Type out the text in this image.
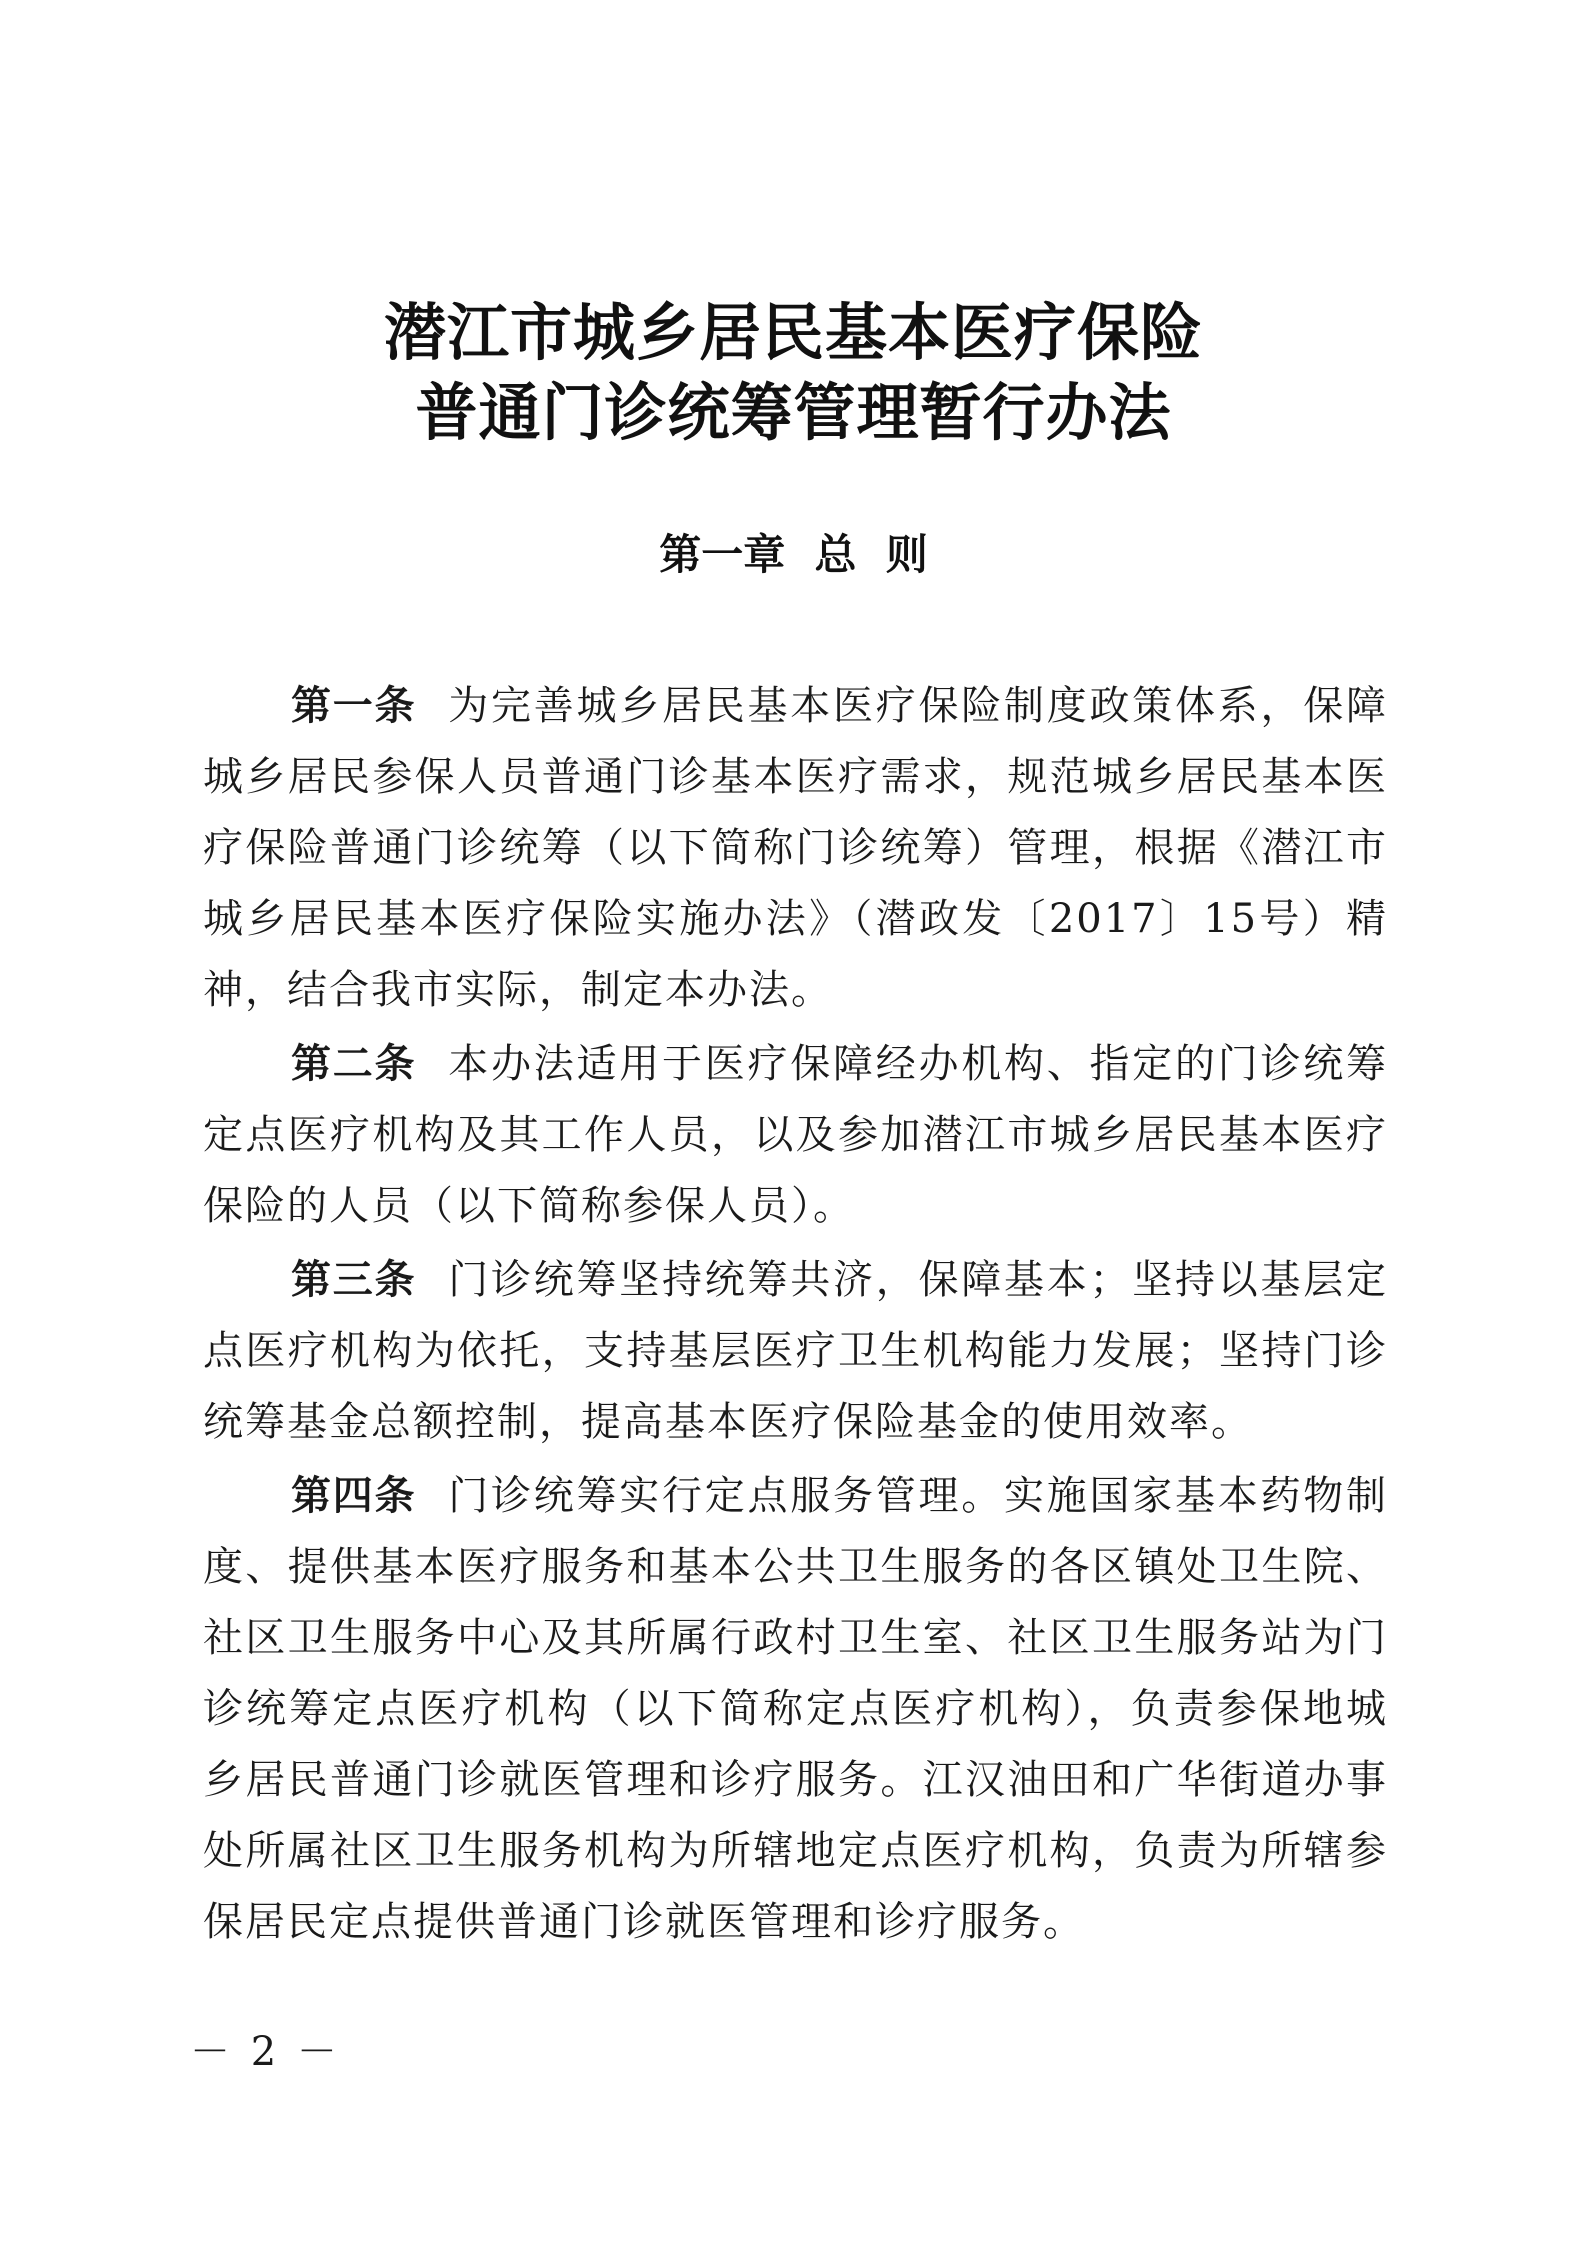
潜江市城乡居民基本医疗保险
普通门诊统筹管理暂行办法
第一章  总  则

第一条 为完善城乡居民基本医疗保险制度政策体系，保障城乡居民参保人员普通门诊基本医疗需求，规范城乡居民基本医疗保险普通门诊统筹（以下简称门诊统筹）管理，根据《潜江市城乡居民基本医疗保险实施办法》（潜政发〔2017〕15号）精神，结合我市实际，制定本办法。

第二条 本办法适用于医疗保障经办机构、指定的门诊统筹定点医疗机构及其工作人员，以及参加潜江市城乡居民基本医疗保险的人员（以下简称参保人员）。

第三条 门诊统筹坚持统筹共济，保障基本；坚持以基层定点医疗机构为依托，支持基层医疗卫生机构能力发展；坚持门诊统筹基金总额控制，提高基本医疗保险基金的使用效率。

第四条 门诊统筹实行定点服务管理。实施国家基本药物制度、提供基本医疗服务和基本公共卫生服务的各区镇处卫生院、社区卫生服务中心及其所属行政村卫生室、社区卫生服务站为门诊统筹定点医疗机构（以下简称定点医疗机构），负责参保地城乡居民普通门诊就医管理和诊疗服务。江汉油田和广华街道办事处所属社区卫生服务机构为所辖地定点医疗机构，负责为所辖参保居民定点提供普通门诊就医管理和诊疗服务。

－ 2 －
